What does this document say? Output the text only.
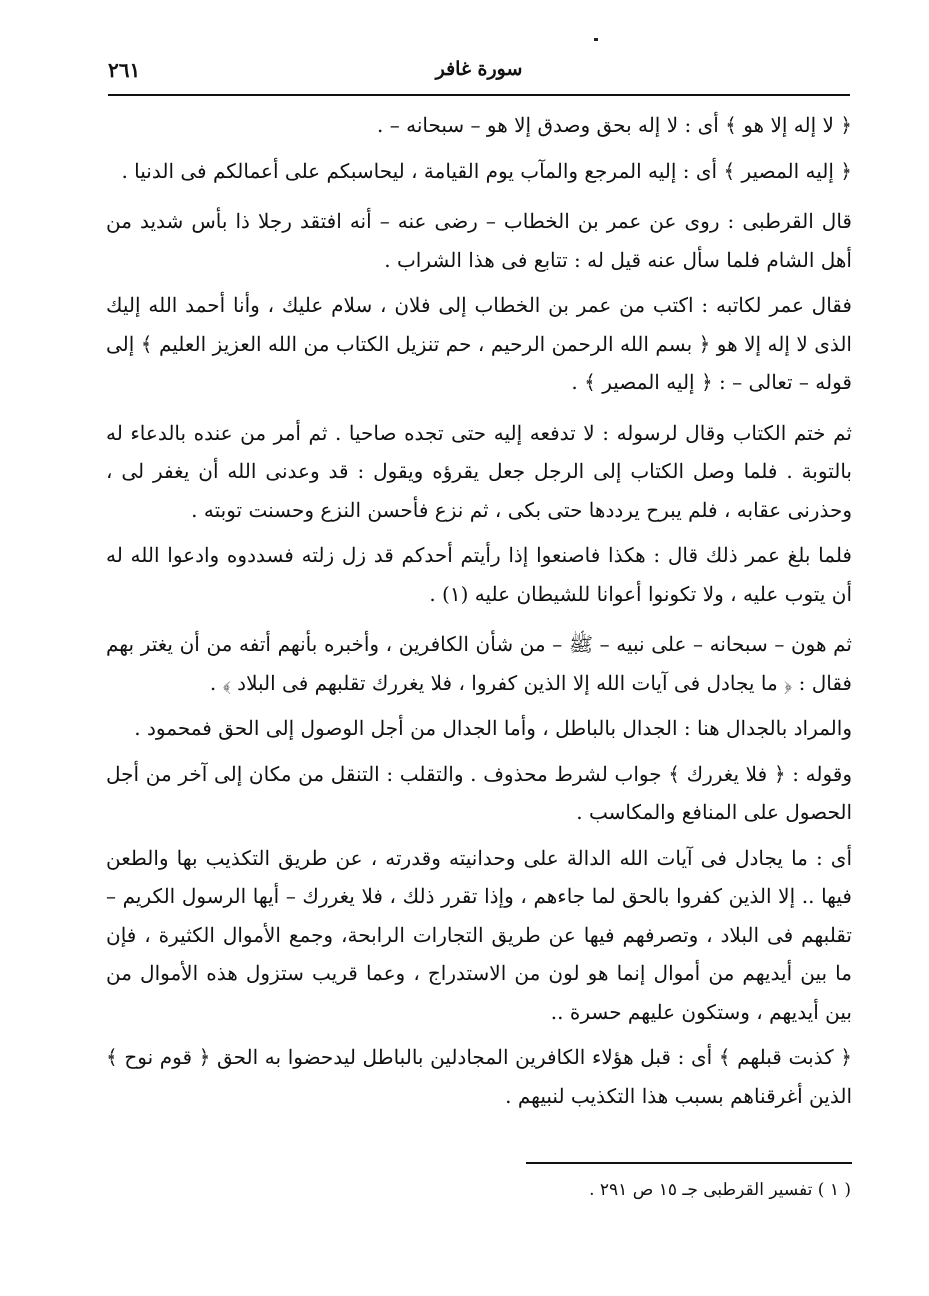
سورة غافر
٢٦١

﴿ لا إله إلا هو ﴾ أى : لا إله بحق وصدق إلا هو – سبحانه – .

﴿ إليه المصير ﴾ أى : إليه المرجع والمآب يوم القيامة ، ليحاسبكم على أعمالكم فى الدنيا .

قال القرطبى : روى عن عمر بن الخطاب – رضى عنه – أنه افتقد رجلا ذا بأس شديد من أهل الشام فلما سأل عنه قيل له : تتابع فى هذا الشراب .

فقال عمر لكاتبه : اكتب من عمر بن الخطاب إلى فلان ، سلام عليك ، وأنا أحمد الله إليك الذى لا إله إلا هو ﴿ بسم الله الرحمن الرحيم ، حم تنزيل الكتاب من الله العزيز العليم ﴾ إلى قوله – تعالى – : ﴿ إليه المصير ﴾ .

ثم ختم الكتاب وقال لرسوله : لا تدفعه إليه حتى تجده صاحيا . ثم أمر من عنده بالدعاء له بالتوبة . فلما وصل الكتاب إلى الرجل جعل يقرؤه ويقول : قد وعدنى الله أن يغفر لى ، وحذرنى عقابه ، فلم يبرح يرددها حتى بكى ، ثم نزع فأحسن النزع وحسنت توبته .

فلما بلغ عمر ذلك قال : هكذا فاصنعوا إذا رأيتم أحدكم قد زل زلته فسددوه وادعوا الله له أن يتوب عليه ، ولا تكونوا أعوانا للشيطان عليه (١) .

ثم هون – سبحانه – على نبيه – ﷺ – من شأن الكافرين ، وأخبره بأنهم أتفه من أن يغتر بهم فقال : ﴿ ما يجادل فى آيات الله إلا الذين كفروا ، فلا يغررك تقلبهم فى البلاد ﴾ .

والمراد بالجدال هنا : الجدال بالباطل ، وأما الجدال من أجل الوصول إلى الحق فمحمود .

وقوله : ﴿ فلا يغررك ﴾ جواب لشرط محذوف . والتقلب : التنقل من مكان إلى آخر من أجل الحصول على المنافع والمكاسب .

أى : ما يجادل فى آيات الله الدالة على وحدانيته وقدرته ، عن طريق التكذيب بها والطعن فيها .. إلا الذين كفروا بالحق لما جاءهم ، وإذا تقرر ذلك ، فلا يغررك – أيها الرسول الكريم – تقلبهم فى البلاد ، وتصرفهم فيها عن طريق التجارات الرابحة، وجمع الأموال الكثيرة ، فإن ما بين أيديهم من أموال إنما هو لون من الاستدراج ، وعما قريب ستزول هذه الأموال من بين أيديهم ، وستكون عليهم حسرة ..

﴿ كذبت قبلهم ﴾ أى : قبل هؤلاء الكافرين المجادلين بالباطل ليدحضوا به الحق ﴿ قوم نوح ﴾ الذين أغرقناهم بسبب هذا التكذيب لنبيهم .

( ١ ) تفسير القرطبى جـ ١٥ ص ٢٩١ .
